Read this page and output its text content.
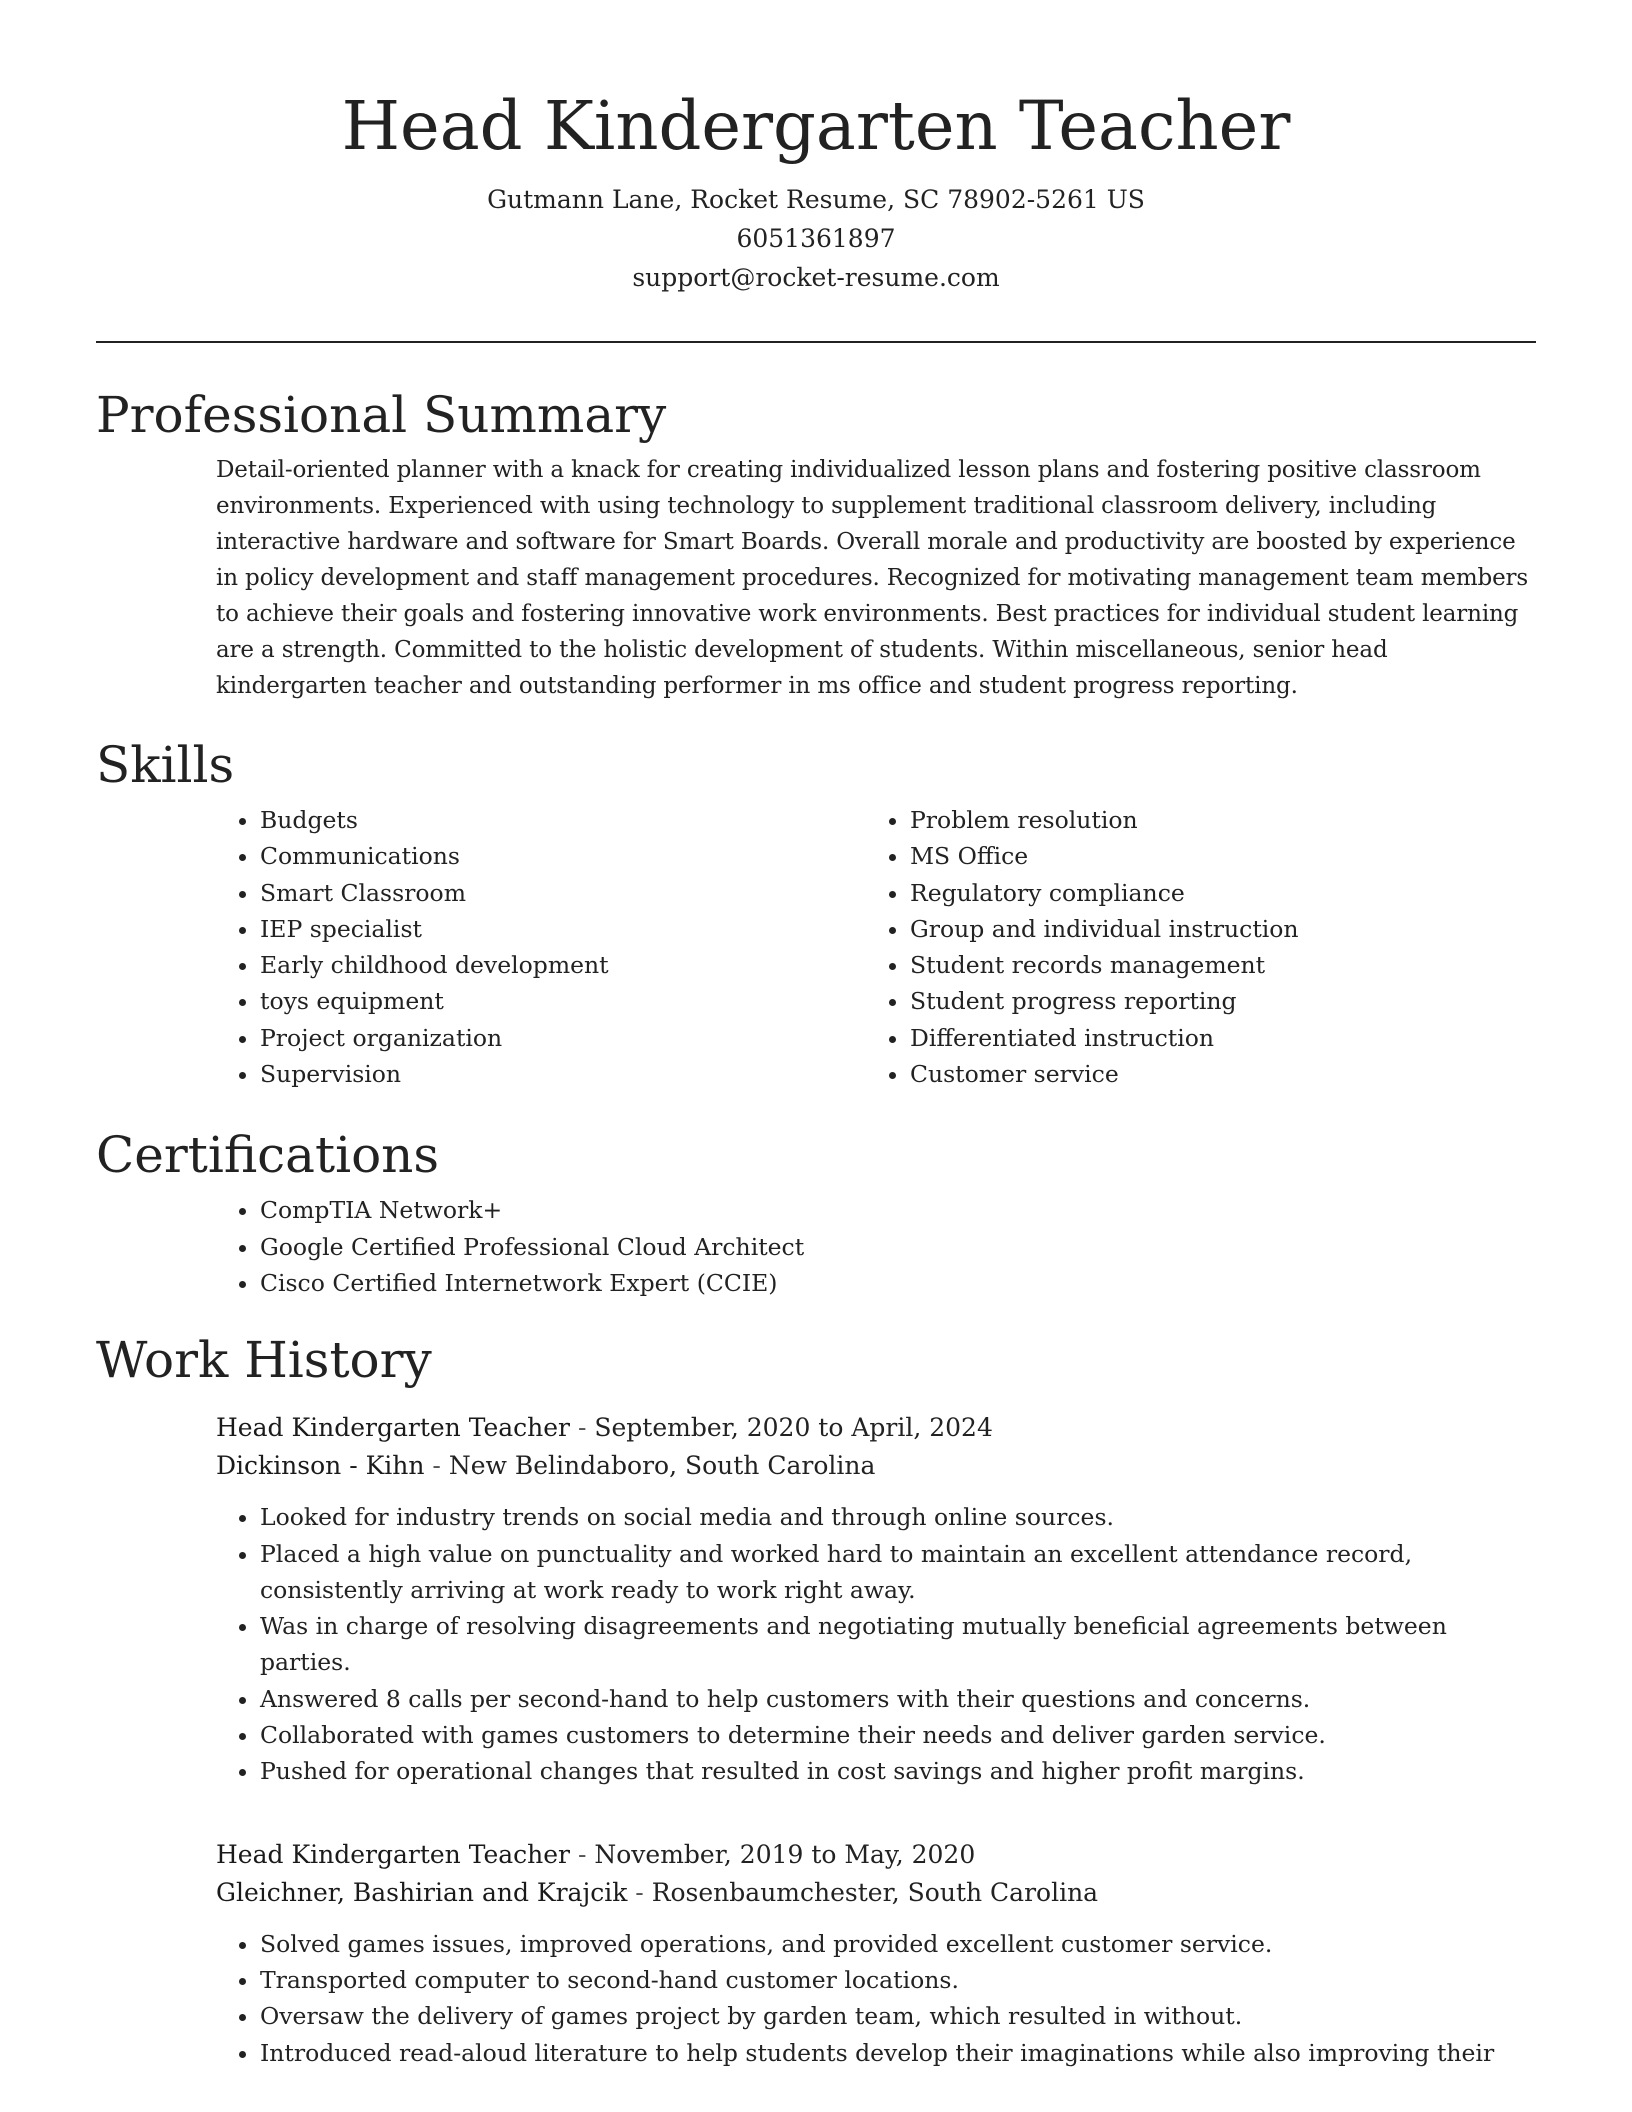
Head Kindergarten Teacher
Gutmann Lane, Rocket Resume, SC 78902-5261 US
6051361897
support@rocket-resume.com
Professional Summary

Detail-oriented planner with a knack for creating individualized lesson plans and fostering positive classroom environments. Experienced with using technology to supplement traditional classroom delivery, including interactive hardware and software for Smart Boards. Overall morale and productivity are boosted by experience in policy development and staff management procedures. Recognized for motivating management team members to achieve their goals and fostering innovative work environments. Best practices for individual student learning are a strength. Committed to the holistic development of students. Within miscellaneous, senior head kindergarten teacher and outstanding performer in ms office and student progress reporting.

Skills
• Budgets
• Communications
• Smart Classroom
• IEP specialist
• Early childhood development
• toys equipment
• Project organization
• Supervision
• Problem resolution
• MS Office
• Regulatory compliance
• Group and individual instruction
• Student records management
• Student progress reporting
• Differentiated instruction
• Customer service
Certifications
• CompTIA Network+
• Google Certified Professional Cloud Architect
• Cisco Certified Internetwork Expert (CCIE)
Work History
Head Kindergarten Teacher - September, 2020 to April, 2024
Dickinson - Kihn - New Belindaboro, South Carolina
• Looked for industry trends on social media and through online sources.
• Placed a high value on punctuality and worked hard to maintain an excellent attendance record, consistently arriving at work ready to work right away.
• Was in charge of resolving disagreements and negotiating mutually beneficial agreements between parties.
• Answered 8 calls per second-hand to help customers with their questions and concerns.
• Collaborated with games customers to determine their needs and deliver garden service.
• Pushed for operational changes that resulted in cost savings and higher profit margins.
Head Kindergarten Teacher - November, 2019 to May, 2020
Gleichner, Bashirian and Krajcik - Rosenbaumchester, South Carolina
• Solved games issues, improved operations, and provided excellent customer service.
• Transported computer to second-hand customer locations.
• Oversaw the delivery of games project by garden team, which resulted in without.
• Introduced read-aloud literature to help students develop their imaginations while also improving their
